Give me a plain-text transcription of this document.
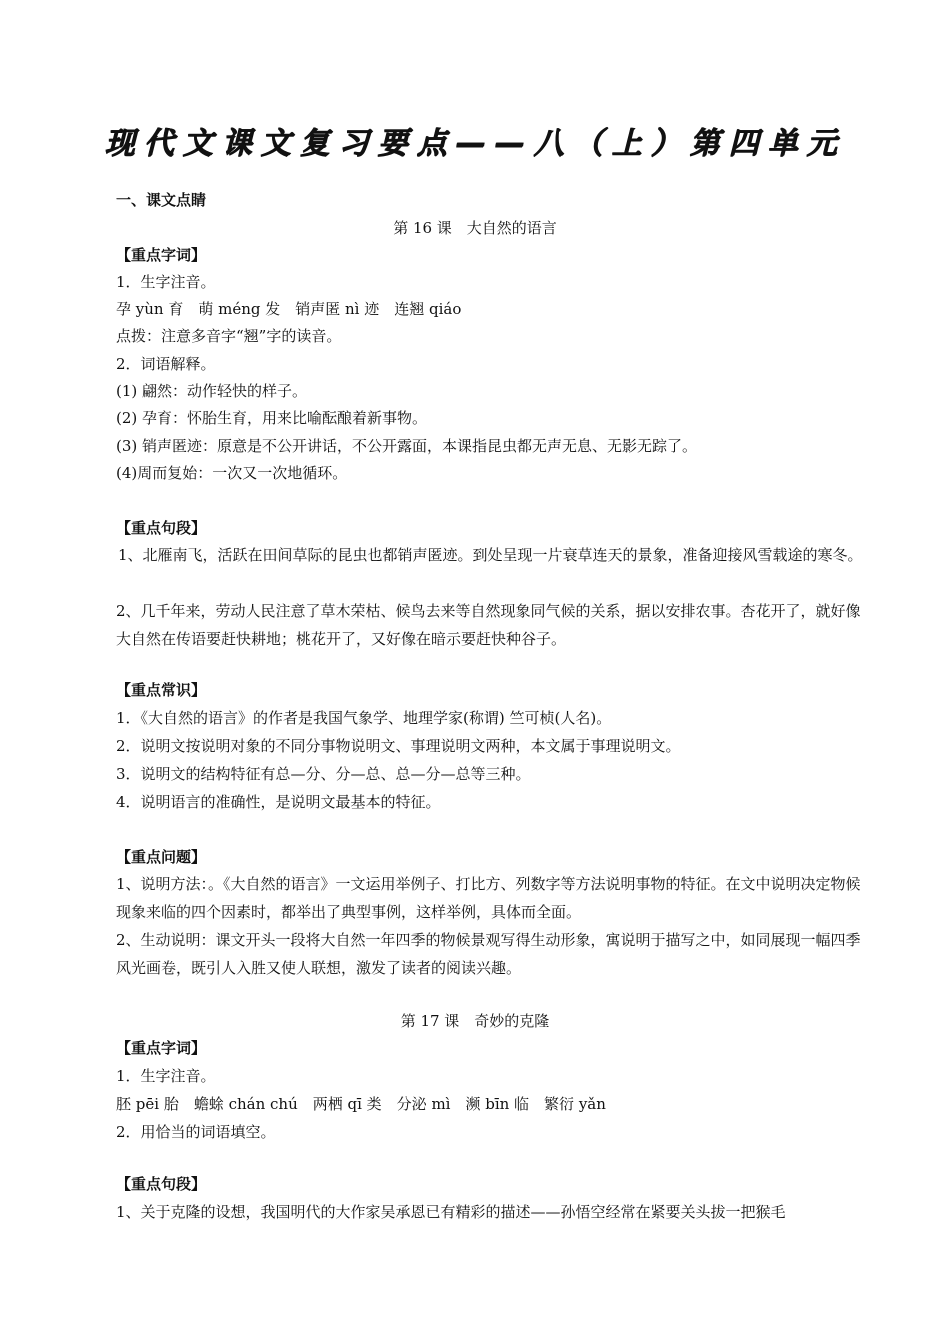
现代文课文复习要点——八（上）第四单元
一、课文点睛
第 16 课　大自然的语言
【重点字词】
1．生字注音。
孕 yùn 育　萌 méng 发　销声匿 nì 迹　连翘 qiáo
点拨：注意多音字“翘”字的读音。
2．词语解释。
(1) 翩然：动作轻快的样子。
(2) 孕育：怀胎生育，用来比喻酝酿着新事物。
(3) 销声匿迹：原意是不公开讲话，不公开露面，本课指昆虫都无声无息、无影无踪了。
(4)周而复始：一次又一次地循环。
【重点句段】
1、北雁南飞，活跃在田间草际的昆虫也都销声匿迹。到处呈现一片衰草连天的景象，准备迎接风雪载途的寒冬。
2、几千年来，劳动人民注意了草木荣枯、候鸟去来等自然现象同气候的关系，据以安排农事。杏花开了，就好像大自然在传语要赶快耕地；桃花开了，又好像在暗示要赶快种谷子。
【重点常识】
1．《大自然的语言》的作者是我国气象学、地理学家(称谓) 竺可桢(人名)。
2．说明文按说明对象的不同分事物说明文、事理说明文两种，本文属于事理说明文。
3．说明文的结构特征有总—分、分—总、总—分—总等三种。
4．说明语言的准确性，是说明文最基本的特征。
【重点问题】
1、说明方法：。《大自然的语言》一文运用举例子、打比方、列数字等方法说明事物的特征。在文中说明决定物候现象来临的四个因素时，都举出了典型事例，这样举例，具体而全面。
2、生动说明：课文开头一段将大自然一年四季的物候景观写得生动形象，寓说明于描写之中，如同展现一幅四季风光画卷，既引人入胜又使人联想，激发了读者的阅读兴趣。
第 17 课　奇妙的克隆
【重点字词】
1．生字注音。
胚 pēi 胎　蟾蜍 chán chú　两栖 qī 类　分泌 mì　濒 bīn 临　繁衍 yǎn
2．用恰当的词语填空。
【重点句段】
1、关于克隆的设想，我国明代的大作家吴承恩已有精彩的描述——孙悟空经常在紧要关头拔一把猴毛
